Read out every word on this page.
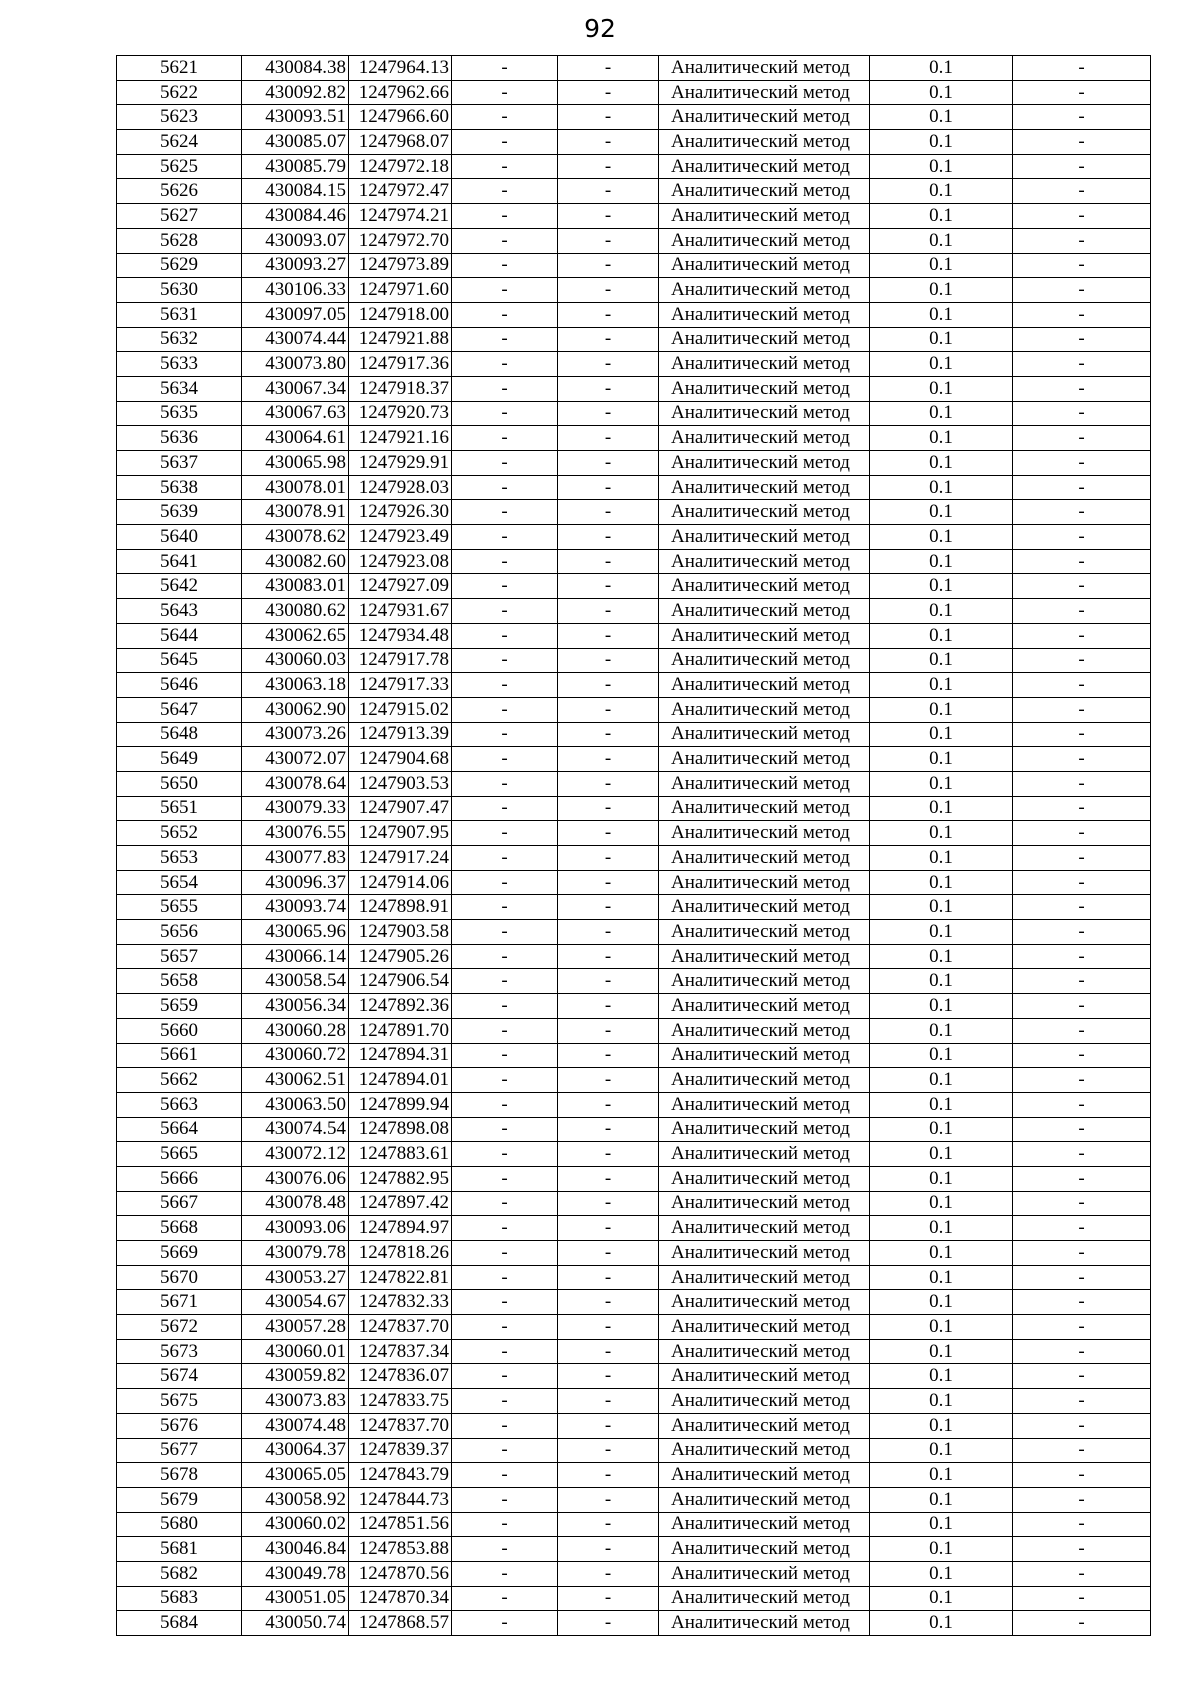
92
5621	430084.38	1247964.13	-	-	Аналитический метод	0.1	-
5622	430092.82	1247962.66	-	-	Аналитический метод	0.1	-
5623	430093.51	1247966.60	-	-	Аналитический метод	0.1	-
5624	430085.07	1247968.07	-	-	Аналитический метод	0.1	-
5625	430085.79	1247972.18	-	-	Аналитический метод	0.1	-
5626	430084.15	1247972.47	-	-	Аналитический метод	0.1	-
5627	430084.46	1247974.21	-	-	Аналитический метод	0.1	-
5628	430093.07	1247972.70	-	-	Аналитический метод	0.1	-
5629	430093.27	1247973.89	-	-	Аналитический метод	0.1	-
5630	430106.33	1247971.60	-	-	Аналитический метод	0.1	-
5631	430097.05	1247918.00	-	-	Аналитический метод	0.1	-
5632	430074.44	1247921.88	-	-	Аналитический метод	0.1	-
5633	430073.80	1247917.36	-	-	Аналитический метод	0.1	-
5634	430067.34	1247918.37	-	-	Аналитический метод	0.1	-
5635	430067.63	1247920.73	-	-	Аналитический метод	0.1	-
5636	430064.61	1247921.16	-	-	Аналитический метод	0.1	-
5637	430065.98	1247929.91	-	-	Аналитический метод	0.1	-
5638	430078.01	1247928.03	-	-	Аналитический метод	0.1	-
5639	430078.91	1247926.30	-	-	Аналитический метод	0.1	-
5640	430078.62	1247923.49	-	-	Аналитический метод	0.1	-
5641	430082.60	1247923.08	-	-	Аналитический метод	0.1	-
5642	430083.01	1247927.09	-	-	Аналитический метод	0.1	-
5643	430080.62	1247931.67	-	-	Аналитический метод	0.1	-
5644	430062.65	1247934.48	-	-	Аналитический метод	0.1	-
5645	430060.03	1247917.78	-	-	Аналитический метод	0.1	-
5646	430063.18	1247917.33	-	-	Аналитический метод	0.1	-
5647	430062.90	1247915.02	-	-	Аналитический метод	0.1	-
5648	430073.26	1247913.39	-	-	Аналитический метод	0.1	-
5649	430072.07	1247904.68	-	-	Аналитический метод	0.1	-
5650	430078.64	1247903.53	-	-	Аналитический метод	0.1	-
5651	430079.33	1247907.47	-	-	Аналитический метод	0.1	-
5652	430076.55	1247907.95	-	-	Аналитический метод	0.1	-
5653	430077.83	1247917.24	-	-	Аналитический метод	0.1	-
5654	430096.37	1247914.06	-	-	Аналитический метод	0.1	-
5655	430093.74	1247898.91	-	-	Аналитический метод	0.1	-
5656	430065.96	1247903.58	-	-	Аналитический метод	0.1	-
5657	430066.14	1247905.26	-	-	Аналитический метод	0.1	-
5658	430058.54	1247906.54	-	-	Аналитический метод	0.1	-
5659	430056.34	1247892.36	-	-	Аналитический метод	0.1	-
5660	430060.28	1247891.70	-	-	Аналитический метод	0.1	-
5661	430060.72	1247894.31	-	-	Аналитический метод	0.1	-
5662	430062.51	1247894.01	-	-	Аналитический метод	0.1	-
5663	430063.50	1247899.94	-	-	Аналитический метод	0.1	-
5664	430074.54	1247898.08	-	-	Аналитический метод	0.1	-
5665	430072.12	1247883.61	-	-	Аналитический метод	0.1	-
5666	430076.06	1247882.95	-	-	Аналитический метод	0.1	-
5667	430078.48	1247897.42	-	-	Аналитический метод	0.1	-
5668	430093.06	1247894.97	-	-	Аналитический метод	0.1	-
5669	430079.78	1247818.26	-	-	Аналитический метод	0.1	-
5670	430053.27	1247822.81	-	-	Аналитический метод	0.1	-
5671	430054.67	1247832.33	-	-	Аналитический метод	0.1	-
5672	430057.28	1247837.70	-	-	Аналитический метод	0.1	-
5673	430060.01	1247837.34	-	-	Аналитический метод	0.1	-
5674	430059.82	1247836.07	-	-	Аналитический метод	0.1	-
5675	430073.83	1247833.75	-	-	Аналитический метод	0.1	-
5676	430074.48	1247837.70	-	-	Аналитический метод	0.1	-
5677	430064.37	1247839.37	-	-	Аналитический метод	0.1	-
5678	430065.05	1247843.79	-	-	Аналитический метод	0.1	-
5679	430058.92	1247844.73	-	-	Аналитический метод	0.1	-
5680	430060.02	1247851.56	-	-	Аналитический метод	0.1	-
5681	430046.84	1247853.88	-	-	Аналитический метод	0.1	-
5682	430049.78	1247870.56	-	-	Аналитический метод	0.1	-
5683	430051.05	1247870.34	-	-	Аналитический метод	0.1	-
5684	430050.74	1247868.57	-	-	Аналитический метод	0.1	-
